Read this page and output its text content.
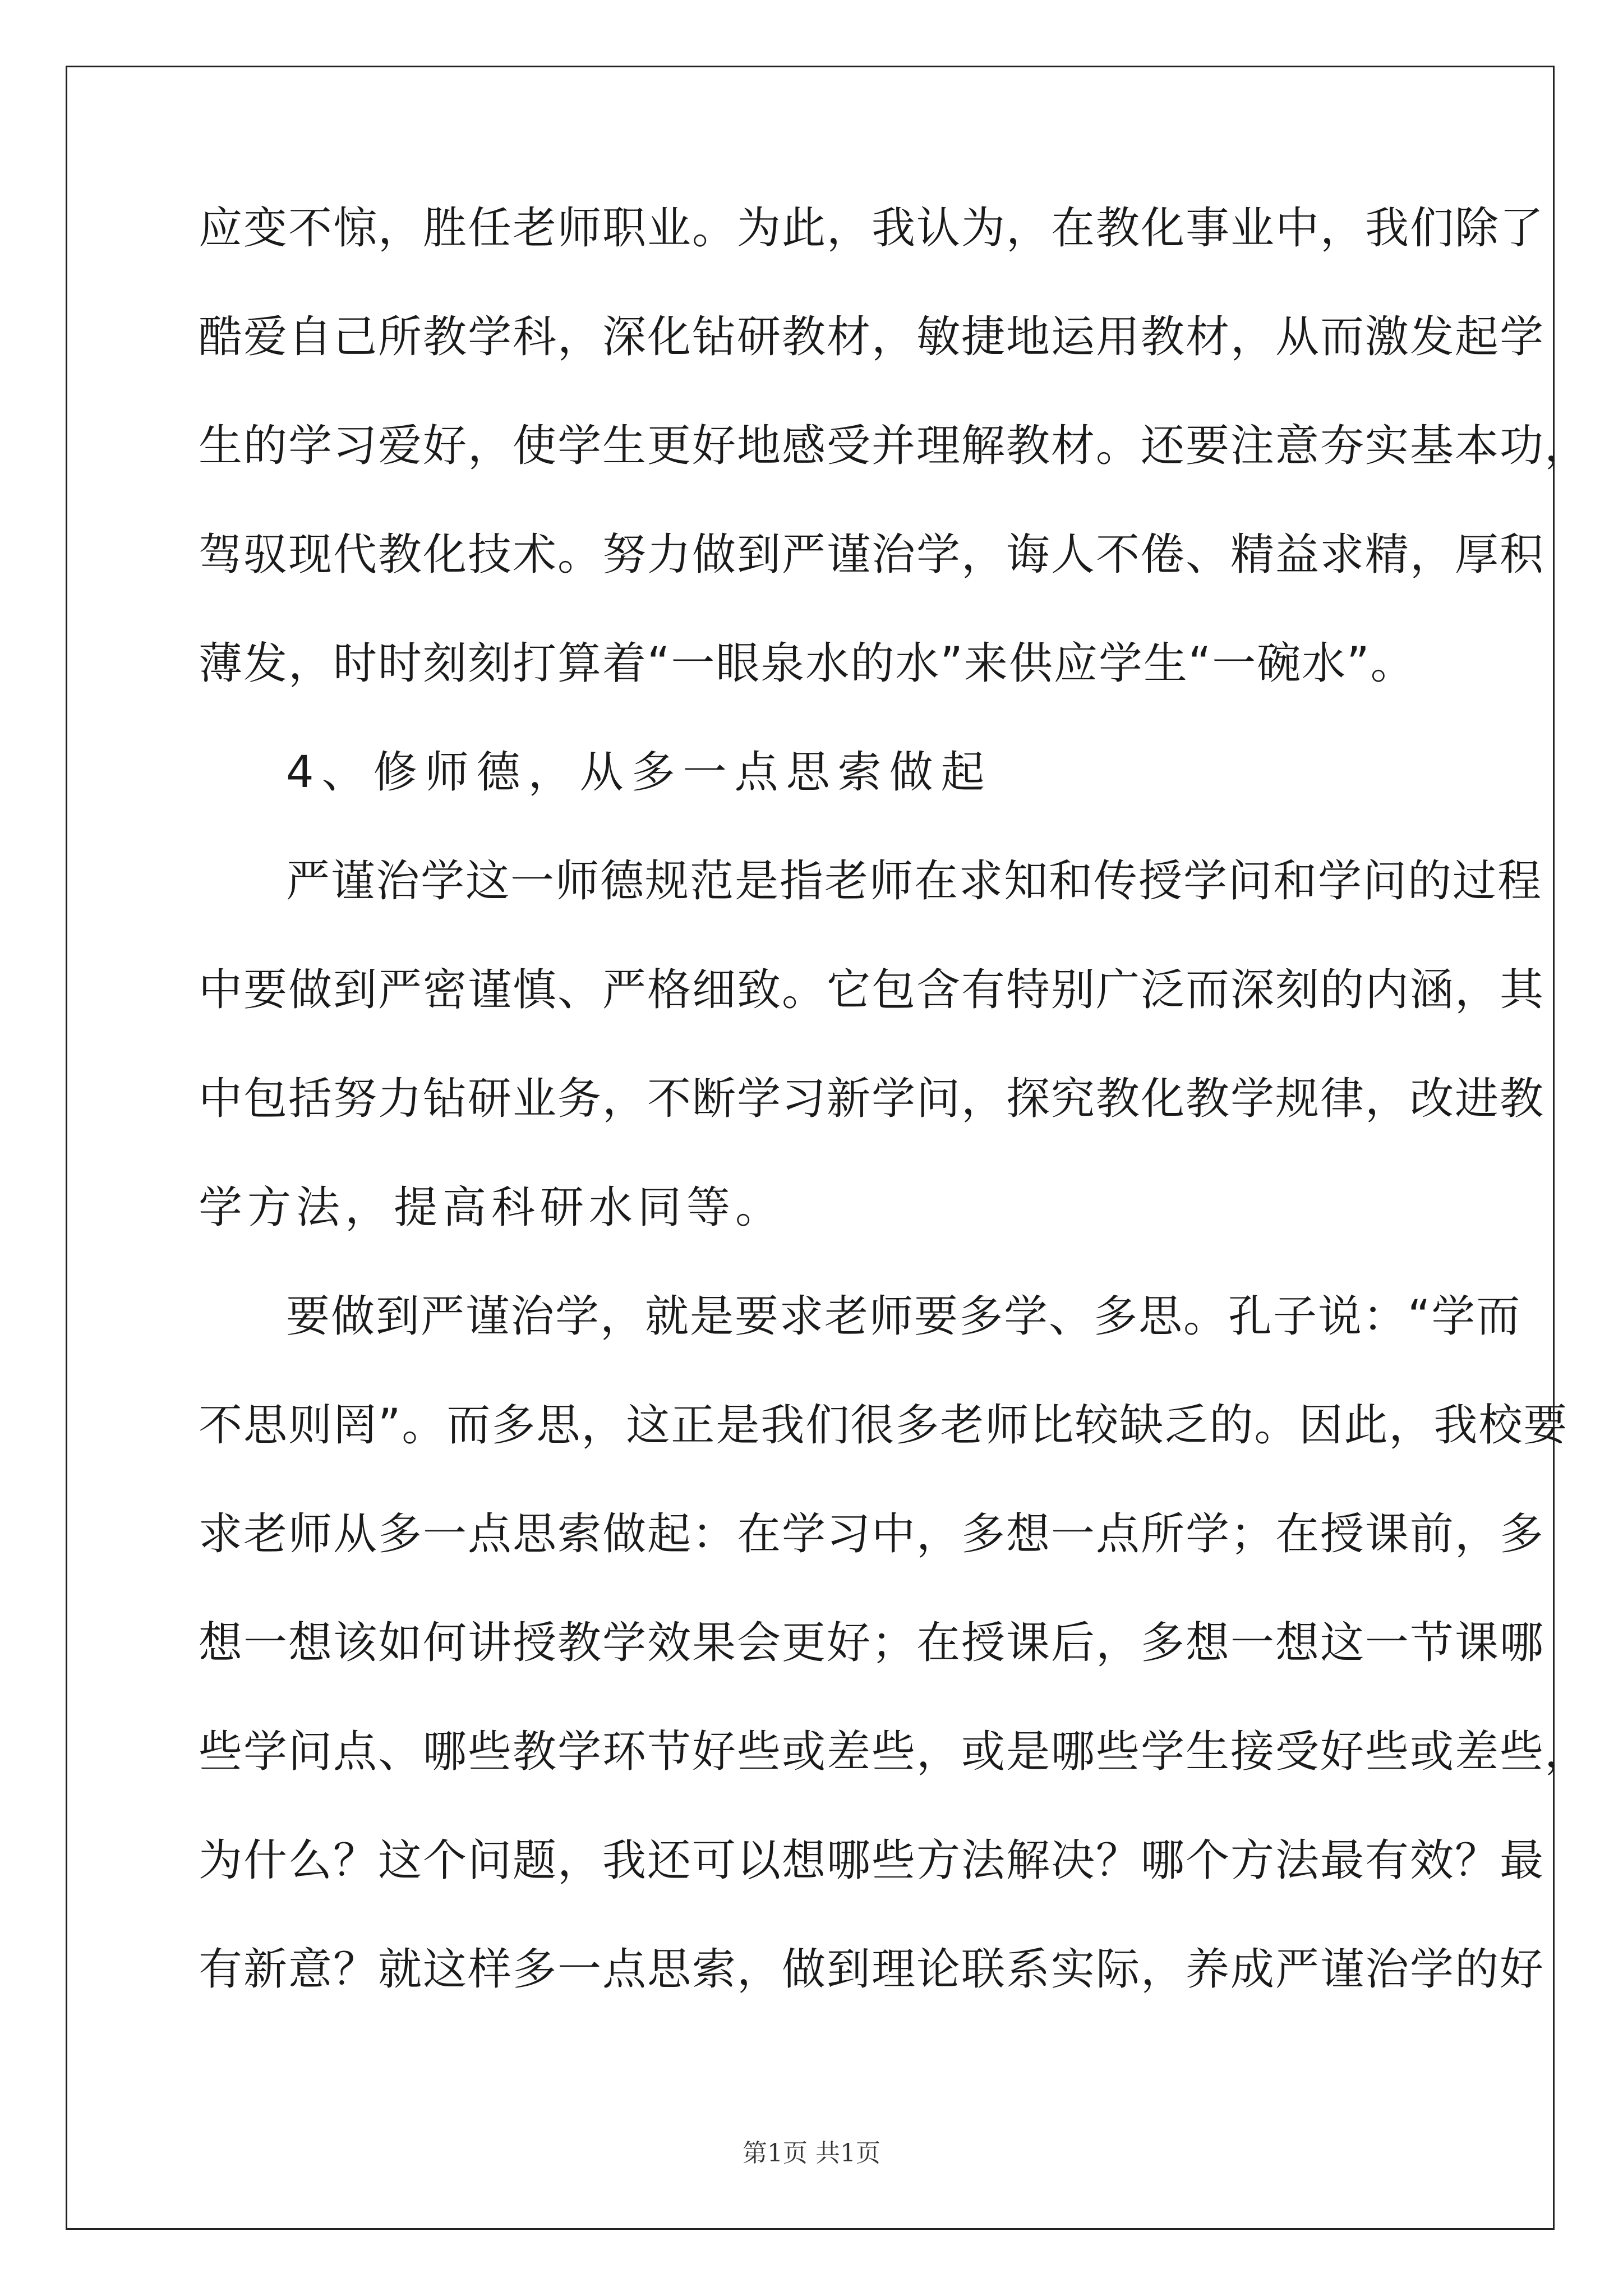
应变不惊，胜任老师职业。为此，我认为，在教化事业中，我们除了
酷爱自己所教学科，深化钻研教材，敏捷地运用教材，从而激发起学
生的学习爱好，使学生更好地感受并理解教材。还要注意夯实基本功，
驾驭现代教化技术。努力做到严谨治学，诲人不倦、精益求精，厚积
薄发，时时刻刻打算着“一眼泉水的水”来供应学生“一碗水”。
4、修师德，从多一点思索做起
严谨治学这一师德规范是指老师在求知和传授学问和学问的过程
中要做到严密谨慎、严格细致。它包含有特别广泛而深刻的内涵，其
中包括努力钻研业务，不断学习新学问，探究教化教学规律，改进教
学方法，提高科研水同等。
要做到严谨治学，就是要求老师要多学、多思。孔子说：“学而
不思则罔”。而多思，这正是我们很多老师比较缺乏的。因此，我校要
求老师从多一点思索做起：在学习中，多想一点所学；在授课前，多
想一想该如何讲授教学效果会更好；在授课后，多想一想这一节课哪
些学问点、哪些教学环节好些或差些，或是哪些学生接受好些或差些，
为什么？这个问题，我还可以想哪些方法解决？哪个方法最有效？最
有新意？就这样多一点思索，做到理论联系实际，养成严谨治学的好
第1页 共1页
